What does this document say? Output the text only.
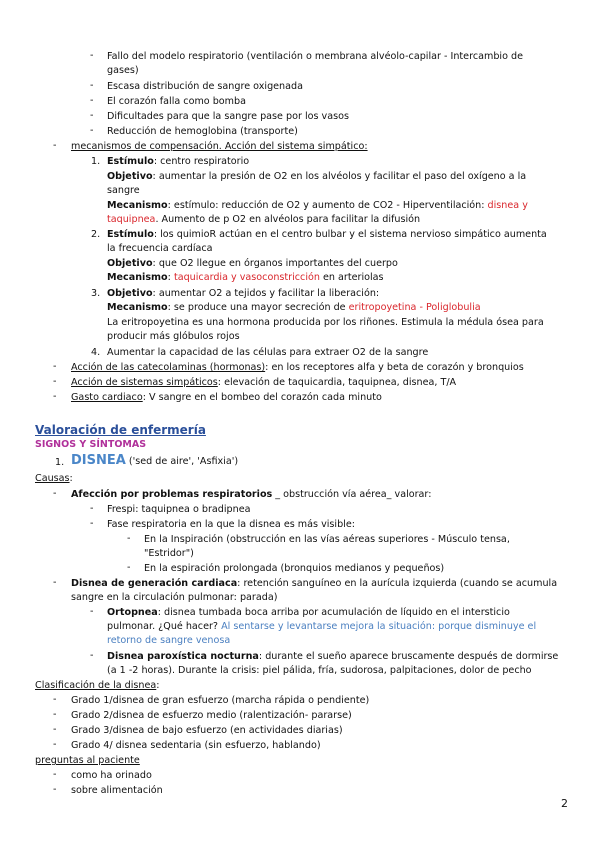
- Fallo del modelo respiratorio (ventilación o membrana alvéolo-capilar - Intercambio de
gases)
- Escasa distribución de sangre oxigenada
- El corazón falla como bomba
- Dificultades para que la sangre pase por los vasos
- Reducción de hemoglobina (transporte)
- mecanismos de compensación. Acción del sistema simpático:
1. Estímulo: centro respiratorio
Objetivo: aumentar la presión de O2 en los alvéolos y facilitar el paso del oxígeno a la
sangre
Mecanismo: estímulo: reducción de O2 y aumento de CO2 - Hiperventilación: disnea y
taquipnea. Aumento de p O2 en alvéolos para facilitar la difusión
2. Estímulo: los quimioR actúan en el centro bulbar y el sistema nervioso simpático aumenta
la frecuencia cardíaca
Objetivo: que O2 llegue en órganos importantes del cuerpo
Mecanismo: taquicardia y vasoconstricción en arteriolas
3. Objetivo: aumentar O2 a tejidos y facilitar la liberación:
Mecanismo: se produce una mayor secreción de eritropoyetina - Poliglobulia
La eritropoyetina es una hormona producida por los riñones. Estimula la médula ósea para
producir más glóbulos rojos
4. Aumentar la capacidad de las células para extraer O2 de la sangre
- Acción de las catecolaminas (hormonas): en los receptores alfa y beta de corazón y bronquios
- Acción de sistemas simpáticos: elevación de taquicardia, taquipnea, disnea, T/A
- Gasto cardiaco: V sangre en el bombeo del corazón cada minuto
Valoración de enfermería
SIGNOS Y SÍNTOMAS
1. DISNEA ('sed de aire', 'Asfixia')
Causas:
- Afección por problemas respiratorios _ obstrucción vía aérea_ valorar:
- Frespi: taquipnea o bradipnea
- Fase respiratoria en la que la disnea es más visible:
- En la Inspiración (obstrucción en las vías aéreas superiores - Músculo tensa,
"Estridor")
- En la espiración prolongada (bronquios medianos y pequeños)
- Disnea de generación cardiaca: retención sanguíneo en la aurícula izquierda (cuando se acumula
sangre en la circulación pulmonar: parada)
- Ortopnea: disnea tumbada boca arriba por acumulación de líquido en el intersticio
pulmonar. ¿Qué hacer? Al sentarse y levantarse mejora la situación: porque disminuye el
retorno de sangre venosa
- Disnea paroxística nocturna: durante el sueño aparece bruscamente después de dormirse
(a 1 -2 horas). Durante la crisis: piel pálida, fría, sudorosa, palpitaciones, dolor de pecho
Clasificación de la disnea:
- Grado 1/disnea de gran esfuerzo (marcha rápida o pendiente)
- Grado 2/disnea de esfuerzo medio (ralentización- pararse)
- Grado 3/disnea de bajo esfuerzo (en actividades diarias)
- Grado 4/ disnea sedentaria (sin esfuerzo, hablando)
preguntas al paciente
- como ha orinado
- sobre alimentación
2
